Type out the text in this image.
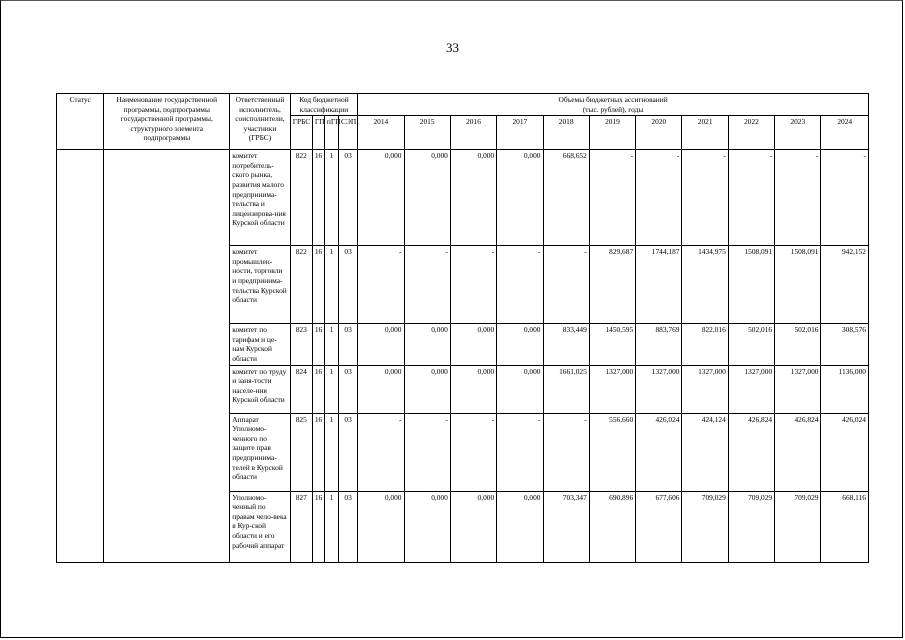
33
Статус	Наименование государственной программы, подпрограммы государственной программы, структурного элемента подпрограммы	Ответственный исполнитель, соисполнители, участники (ГРБС)	Код бюджетной классификации				Объемы бюджетных ассигнований
(тыс. рублей), годы										

			ГРБС	ГП	пГП	СЭП	2014	2015	2016	2017	2018	2019	2020	2021	2022	2023	2024
		комитет потребитель-ского рынка, развития малого предпринима-тельства и лицензирова-ния Курской области	822	16	1	03	0,000	0,000	0,000	0,000	668,652	-	-	-	-	-	-
		комитет промышлен-ности, торговли и предпринима-тельства Курской области	822	16	1	03	-	-	-	-	-	829,687	1744,187	1434,975	1508,091	1508,091	942,152
		комитет по тарифам и це-нам Курской области	823	16	1	03	0,000	0,000	0,000	0,000	833,449	1450,595	883,769	822,016	502,016	502,016	308,576
		комитет по труду и заня-тости населе-ния Курской области	824	16	1	03	0,000	0,000	0,000	0,000	1661,025	1327,000	1327,000	1327,000	1327,000	1327,000	1136,000
		Аппарат Уполномо-ченного по защите прав предпринима-телей в Курской области	825	16	1	03	-	-	-	-	-	556,660	426,024	424,124	426,824	426,824	426,024
		Уполномо-ченный по правам чело-века в Кур-ской области и его рабочий аппарат	827	16	1	03	0,000	0,000	0,000	0,000	703,347	690,896	677,606	709,029	709,029	709,029	668,116
